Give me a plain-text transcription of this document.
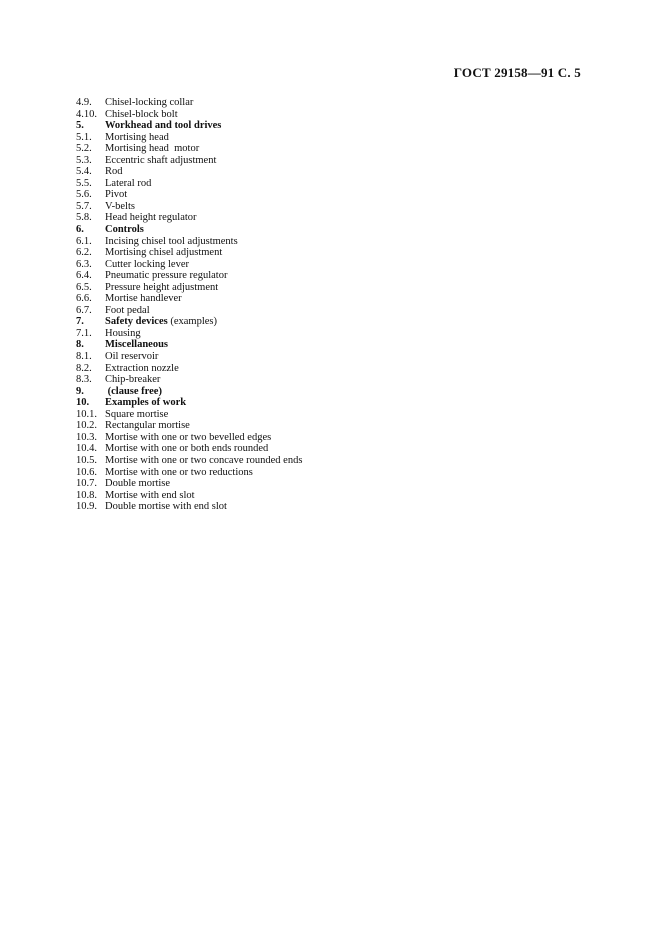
ГОСТ 29158—91 С. 5
4.9.	Chisel-locking collar
4.10. Chisel-block bolt
5.	Workhead and tool drives
5.1.	Mortising head
5.2.	Mortising head  motor
5.3.	Eccentric shaft adjustment
5.4.	Rod
5.5.	Lateral rod
5.6.	Pivot
5.7.	V-belts
5.8.	Head height regulator
6.	Controls
6.1.	Incising chisel tool adjustments
6.2.	Mortising chisel adjustment
6.3.	Cutter locking lever
6.4.	Pneumatic pressure regulator
6.5.	Pressure height adjustment
6.6.	Mortise handlever
6.7.	Foot pedal
7.	Safety devices (examples)
7.1.	Housing
8.	Miscellaneous
8.1.	Oil reservoir
8.2.	Extraction nozzle
8.3.	Chip-breaker
9.	(clause free)
10.	Examples of work
10.1. Square mortise
10.2. Rectangular mortise
10.3. Mortise with one or two bevelled edges
10.4. Mortise with one or both ends rounded
10.5. Mortise with one or two concave rounded ends
10.6. Mortise with one or two reductions
10.7. Double mortise
10.8. Mortise with end slot
10.9. Double mortise with end slot
